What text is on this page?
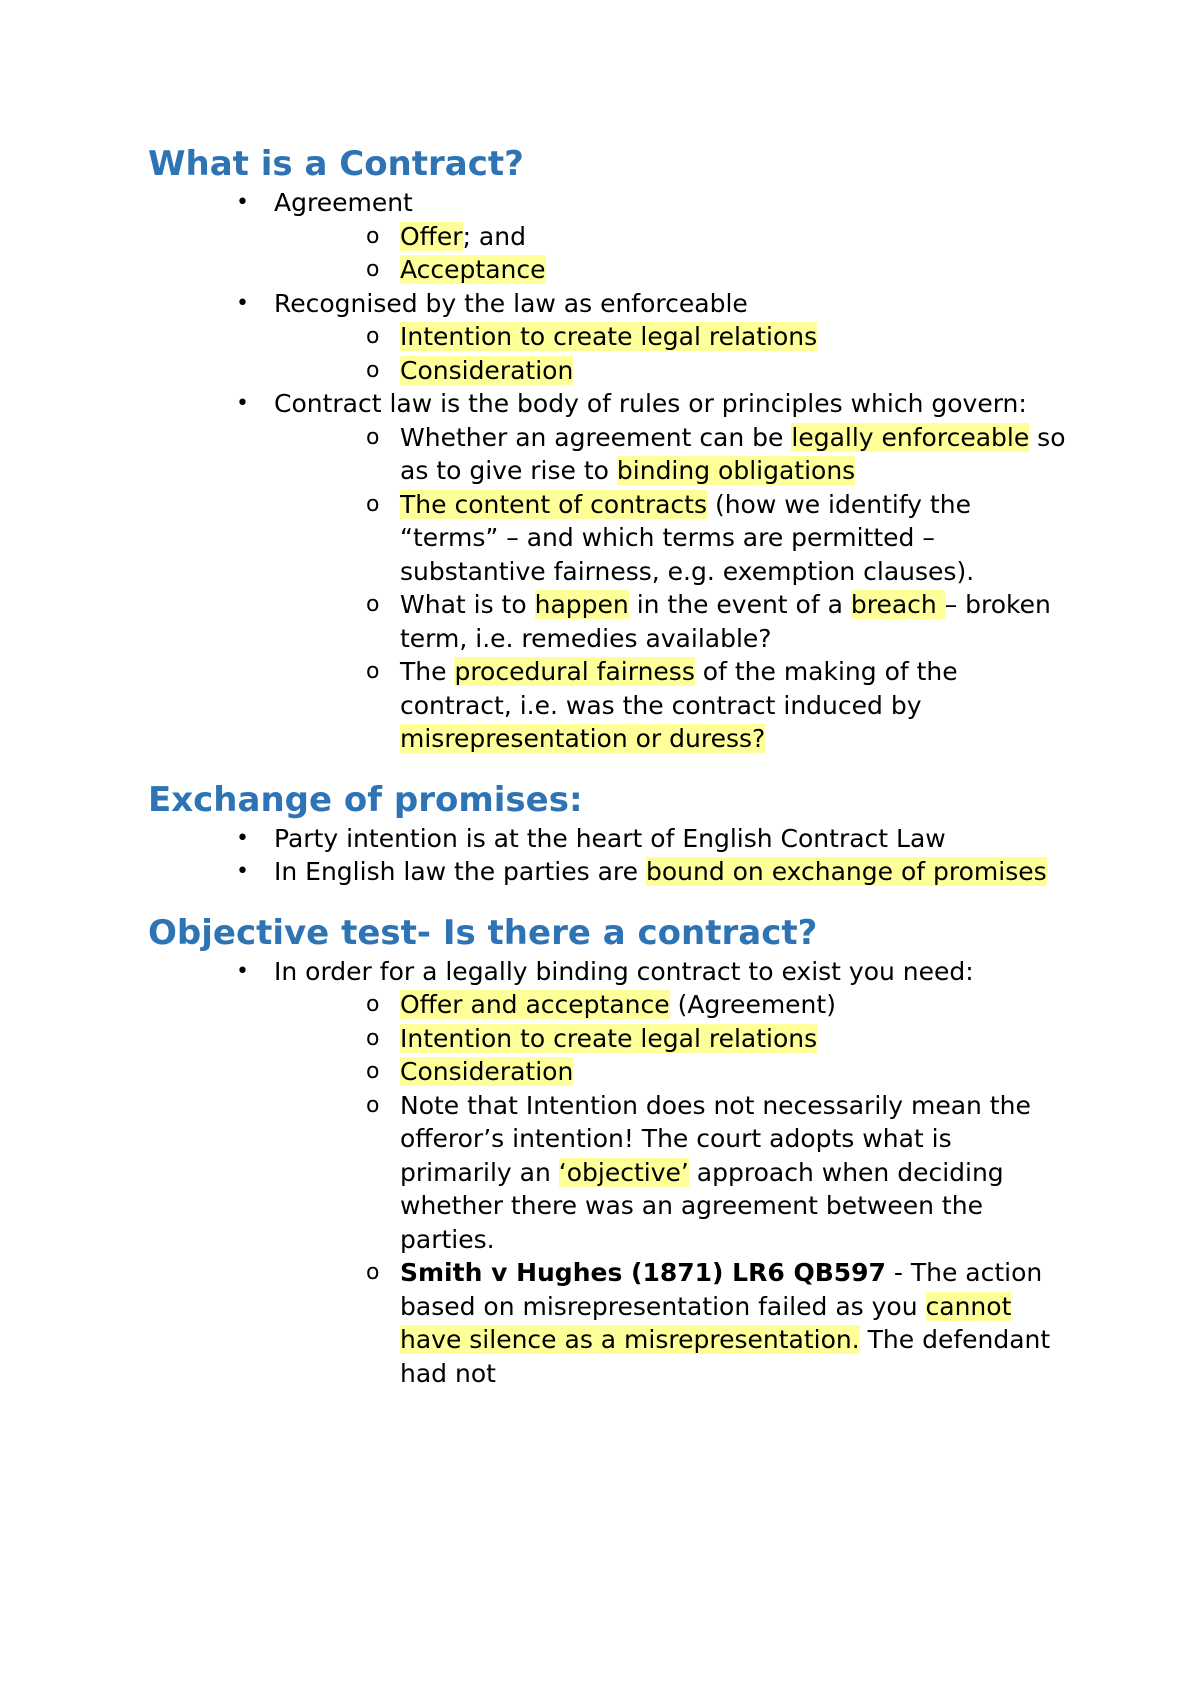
What is a Contract?
• Agreement
o Offer; and
o Acceptance
• Recognised by the law as enforceable
o Intention to create legal relations
o Consideration
• Contract law is the body of rules or principles which govern:
o Whether an agreement can be legally enforceable so as to give rise to binding obligations
o The content of contracts (how we identify the “terms” – and which terms are permitted – substantive fairness, e.g. exemption clauses).
o What is to happen in the event of a breach – broken term, i.e. remedies available?
o The procedural fairness of the making of the contract, i.e. was the contract induced by misrepresentation or duress?
Exchange of promises:
• Party intention is at the heart of English Contract Law
• In English law the parties are bound on exchange of promises
Objective test- Is there a contract?
• In order for a legally binding contract to exist you need:
o Offer and acceptance (Agreement)
o Intention to create legal relations
o Consideration
o Note that Intention does not necessarily mean the offeror’s intention! The court adopts what is primarily an ‘objective’ approach when deciding whether there was an agreement between the parties.
o Smith v Hughes (1871) LR6 QB597 - The action based on misrepresentation failed as you cannot have silence as a misrepresentation. The defendant had not
